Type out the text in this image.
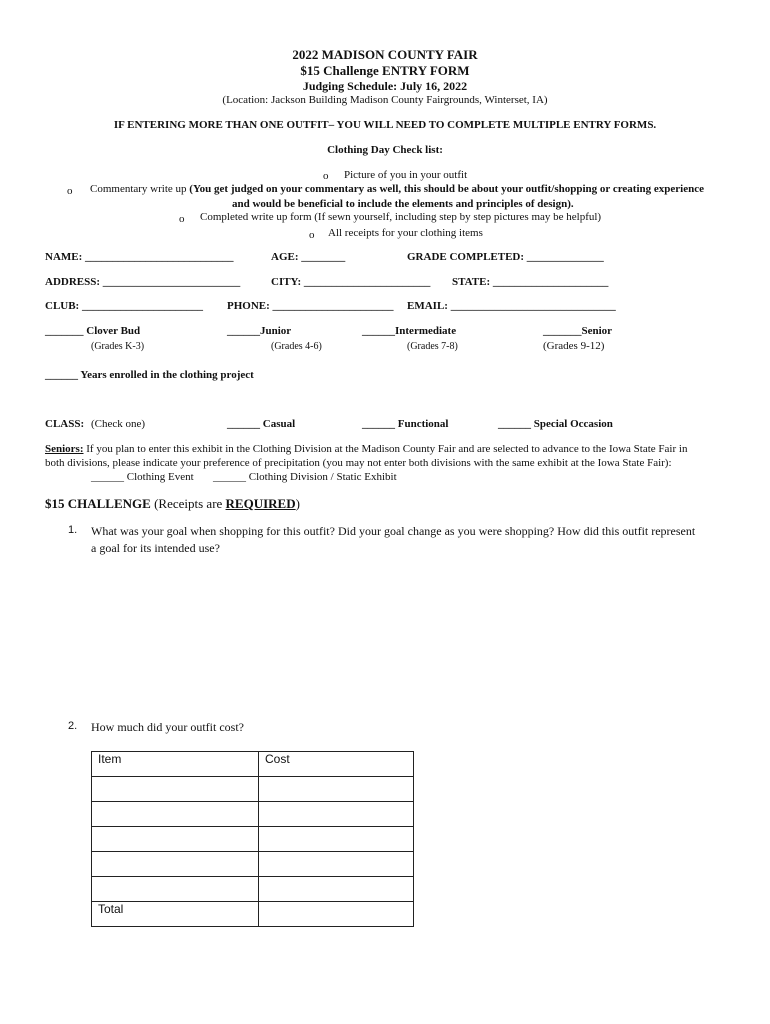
2022 MADISON COUNTY FAIR
$15 Challenge ENTRY FORM
Judging Schedule: July 16, 2022
(Location: Jackson Building Madison County Fairgrounds, Winterset, IA)
IF ENTERING MORE THAN ONE OUTFIT– YOU WILL NEED TO COMPLETE MULTIPLE ENTRY FORMS.
Clothing Day Check list:
o Picture of you in your outfit
o Commentary write up (You get judged on your commentary as well, this should be about your outfit/shopping or creating experience
and would be beneficial to include the elements and principles of design).
o Completed write up form (If sewn yourself, including step by step pictures may be helpful)
o All receipts for your clothing items
NAME: ___________________________	AGE: ________	GRADE COMPLETED: ______________
ADDRESS: _________________________	CITY: _______________________ STATE: _____________________
CLUB: ______________________ PHONE: ______________________ EMAIL: ______________________________
_______ Clover Bud
(Grades K-3)
______Junior
(Grades 4-6)
______Intermediate
(Grades 7-8)
_______Senior
(Grades 9-12)
______ Years enrolled in the clothing project
CLASS: (Check one)	______ Casual	______ Functional	______ Special Occasion
Seniors: If you plan to enter this exhibit in the Clothing Division at the Madison County Fair and are selected to advance to the Iowa State Fair in
both divisions, please indicate your preference of precipitation (you may not enter both divisions with the same exhibit at the Iowa State Fair):
______ Clothing Event ______ Clothing Division / Static Exhibit
$15 CHALLENGE (Receipts are REQUIRED)
1. What was your goal when shopping for this outfit? Did your goal change as you were shopping? How did this outfit represent
a goal for its intended use?
2. How much did your outfit cost?
Item	Cost

Total	
